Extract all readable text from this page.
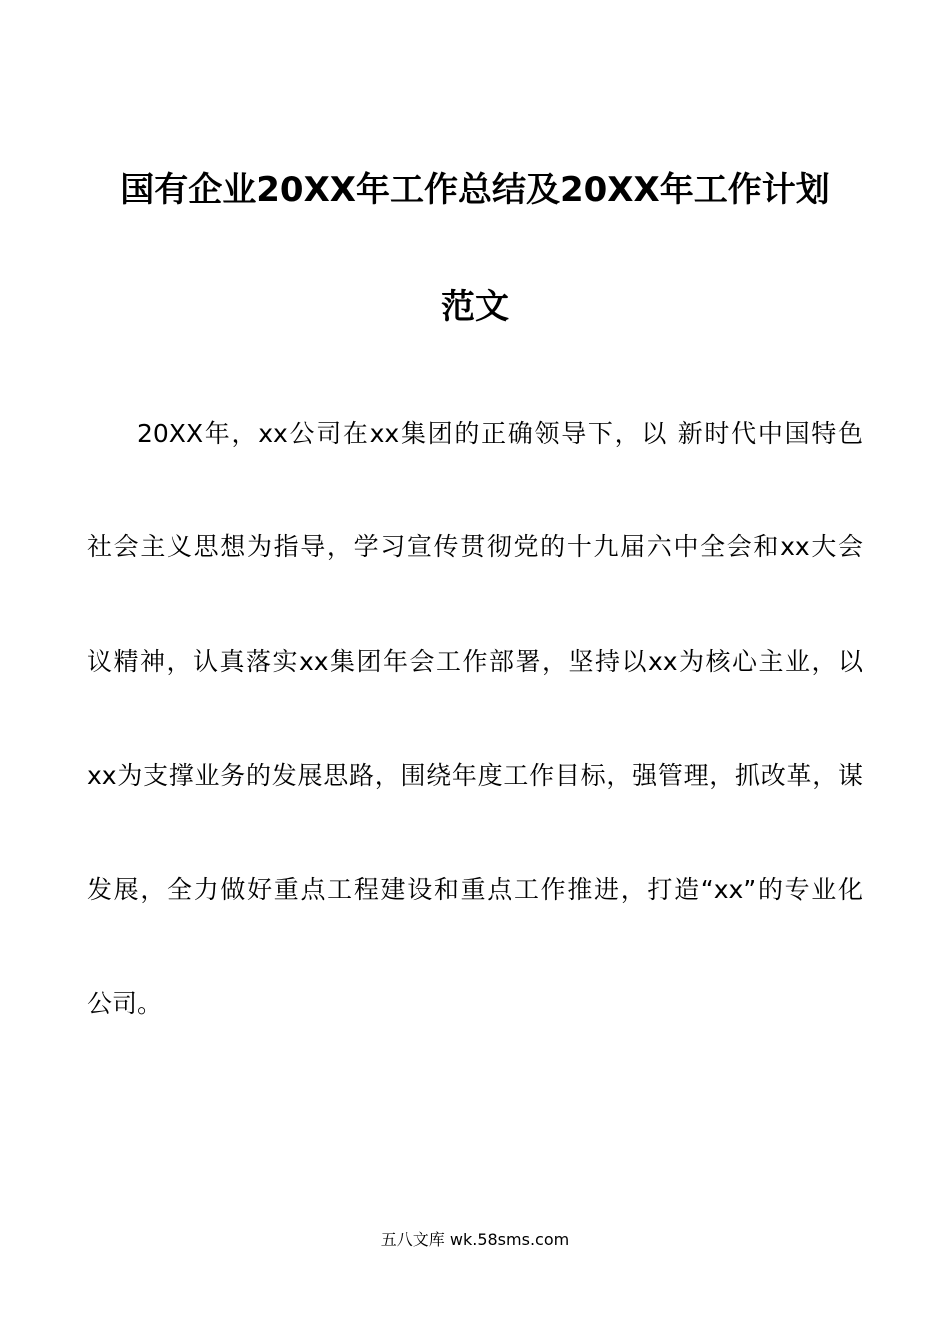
国有企业20XX年工作总结及20XX年工作计划
范文
20XX年，xx公司在xx集团的正确领导下，以 新时代中国特色
社会主义思想为指导，学习宣传贯彻党的十九届六中全会和xx大会
议精神，认真落实xx集团年会工作部署，坚持以xx为核心主业，以
xx为支撑业务的发展思路，围绕年度工作目标，强管理，抓改革，谋
发展，全力做好重点工程建设和重点工作推进，打造“xx”的专业化
公司。
五八文库 wk.58sms.com
